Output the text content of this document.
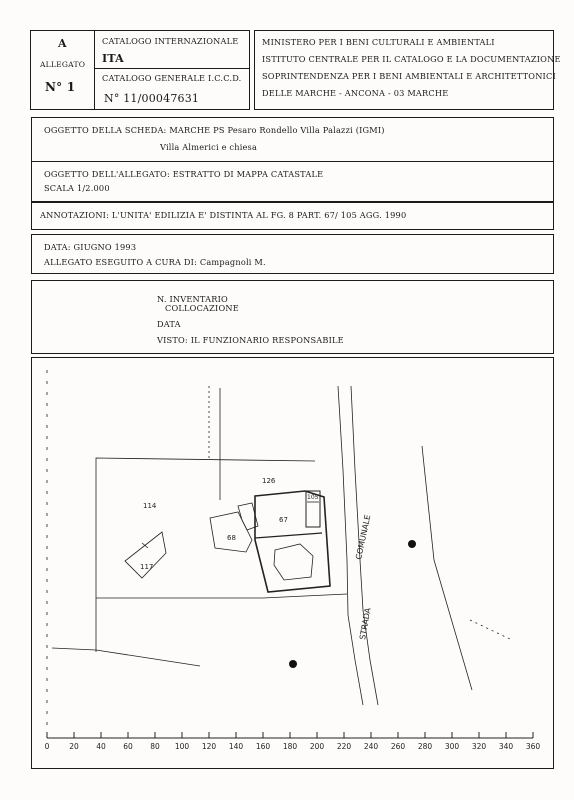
A
ALLEGATO
N° 1
CATALOGO INTERNAZIONALE
ITA
CATALOGO GENERALE I.C.C.D.
N° 11/00047631
MINISTERO PER I BENI CULTURALI E AMBIENTALI
ISTITUTO CENTRALE PER IL CATALOGO E LA DOCUMENTAZIONE
SOPRINTENDENZA PER I BENI AMBIENTALI E ARCHITETTONICI
DELLE MARCHE - ANCONA - 03 MARCHE
OGGETTO DELLA SCHEDA: MARCHE PS Pesaro Rondello Villa Palazzi (IGMI)
Villa Almerici e chiesa
OGGETTO DELL'ALLEGATO: ESTRATTO DI MAPPA CATASTALE
SCALA 1/2.000
ANNOTAZIONI: L'UNITA' EDILIZIA E' DISTINTA AL FG. 8 PART. 67/ 105 AGG. 1990
DATA: GIUGNO 1993
ALLEGATO ESEGUITO A CURA DI: Campagnoli M.
N. INVENTARIO
COLLOCAZIONE
DATA
VISTO: IL FUNZIONARIO RESPONSABILE
126
114
67
68
117
105
COMUNALE
STRADA
0	20 40 60 80 100 120 140 160 180 200 220 240 260 280 300 320 340 360
